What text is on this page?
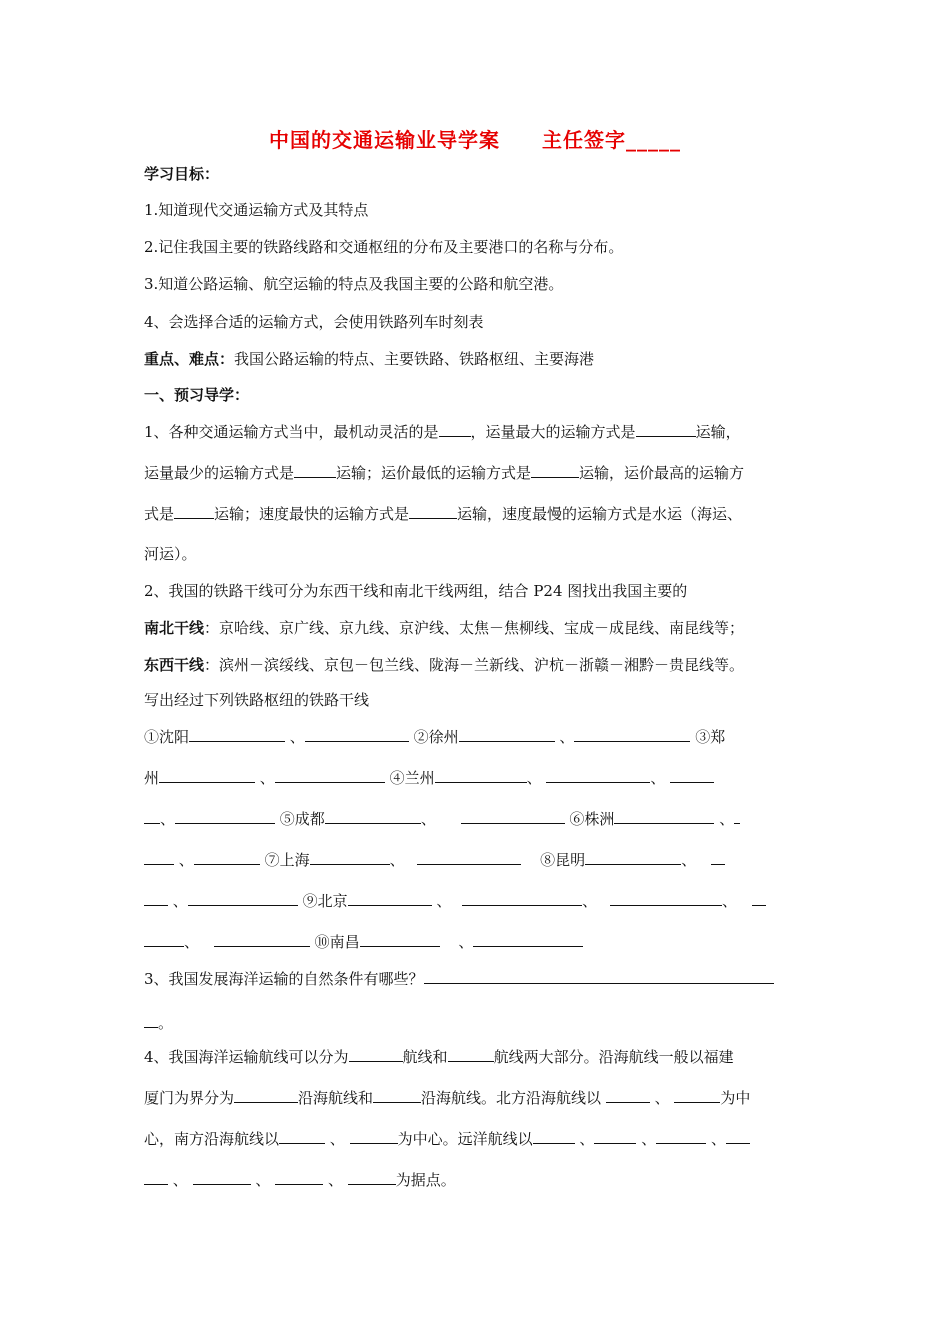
中国的交通运输业导学案　　主任签字_____
学习目标：
1.知道现代交通运输方式及其特点
2.记住我国主要的铁路线路和交通枢纽的分布及主要港口的名称与分布。
3.知道公路运输、航空运输的特点及我国主要的公路和航空港。
4、会选择合适的运输方式，会使用铁路列车时刻表
重点、难点：我国公路运输的特点、主要铁路、铁路枢纽、主要海港
一、预习导学：
1、各种交通运输方式当中，最机动灵活的是 ，运量最大的运输方式是	运输，
运量最少的运输方式是	运输；运价最低的运输方式是	运输，运价最高的运输方
式是	运输；速度最快的运输方式是	运输，速度最慢的运输方式是水运（海运、
河运）。
2、我国的铁路干线可分为东西干线和南北干线两组，结合 P24 图找出我国主要的
南北干线：京哈线、京广线、京九线、京沪线、太焦－焦柳线、宝成－成昆线、南昆线等；
东西干线：滨州－滨绥线、京包－包兰线、陇海－兰新线、沪杭－浙赣－湘黔－贵昆线等。
写出经过下列铁路枢纽的铁路干线
①沈阳	、	②徐州	、	③郑
州	、	④兰州	、	、
、	⑤成都	、	⑥株洲	、
、	⑦上海	、	⑧昆明	、
、	⑨北京	、	、	、
、	⑩南昌	、
3、我国发展海洋运输的自然条件有哪些？
。
4、我国海洋运输航线可以分为	航线和	航线两大部分。沿海航线一般以福建
厦门为界分为	沿海航线和	沿海航线。北方沿海航线以	、	为中
心，南方沿海航线以	、	为中心。远洋航线以	、	、	、
、	、	、	为据点。
